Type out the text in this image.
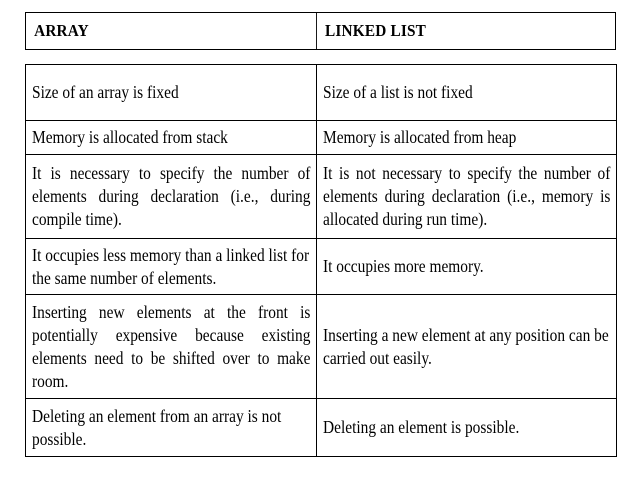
ARRAY	LINKED LIST
Size of an array is fixed	Size of a list is not fixed

Memory is allocated from stack	Memory is allocated from heap

It is necessary to specify the number of elements during declaration (i.e., during compile time).	It is not necessary to specify the number of elements during declaration (i.e., memory is allocated during run time).

It occupies less memory than a linked list for the same number of elements.	It occupies more memory.

Inserting new elements at the front is potentially expensive because existing elements need to be shifted over to make room.	Inserting a new element at any position can be carried out easily.

Deleting an element from an array is not possible.	Deleting an element is possible.
